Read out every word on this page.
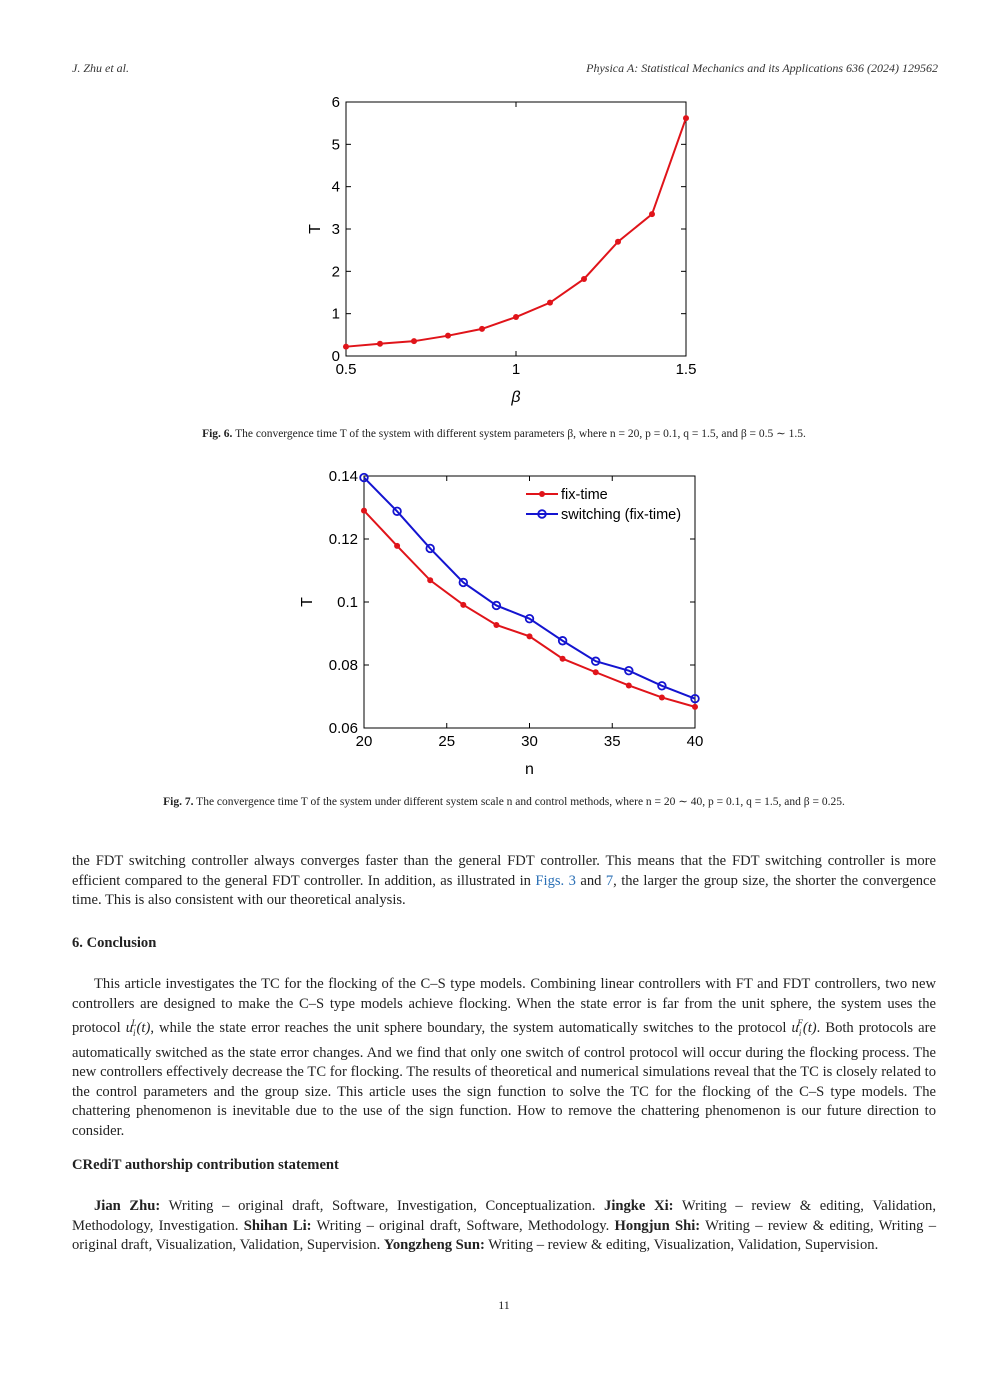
J. Zhu et al.	Physica A: Statistical Mechanics and its Applications 636 (2024) 129562
0.5	1	1.5
0
1
2
3
4
5
6
β
T
Fig. 6. The convergence time T of the system with different system parameters β, where n = 20, p = 0.1, q = 1.5, and β = 0.5 ∼ 1.5.
20	25	30	35	40
0.06
0.08
0.1
0.12
0.14
n
T
fix-time
switching (fix-time)
Fig. 7. The convergence time T of the system under different system scale n and control methods, where n = 20 ∼ 40, p = 0.1, q = 1.5, and β = 0.25.

the FDT switching controller always converges faster than the general FDT controller. This means that the FDT switching controller is more efficient compared to the general FDT controller. In addition, as illustrated in Figs. 3 and 7, the larger the group size, the shorter the convergence time. This is also consistent with our theoretical analysis.

6. Conclusion

This article investigates the TC for the flocking of the C–S type models. Combining linear controllers with FT and FDT controllers, two new controllers are designed to make the C–S type models achieve flocking. When the state error is far from the unit sphere, the system uses the protocol $u_i^L(t)$, while the state error reaches the unit sphere boundary, the system automatically switches to the protocol $u_i^F(t)$. Both protocols are automatically switched as the state error changes. And we find that only one switch of control protocol will occur during the flocking process. The new controllers effectively decrease the TC for flocking. The results of theoretical and numerical simulations reveal that the TC is closely related to the control parameters and the group size. This article uses the sign function to solve the TC for the flocking of the C–S type models. The chattering phenomenon is inevitable due to the use of the sign function. How to remove the chattering phenomenon is our future direction to consider.

CRediT authorship contribution statement

Jian Zhu: Writing – original draft, Software, Investigation, Conceptualization. Jingke Xi: Writing – review & editing, Validation, Methodology, Investigation. Shihan Li: Writing – original draft, Software, Methodology. Hongjun Shi: Writing – review & editing, Writing – original draft, Visualization, Validation, Supervision. Yongzheng Sun: Writing – review & editing, Visualization, Validation, Supervision.

11
